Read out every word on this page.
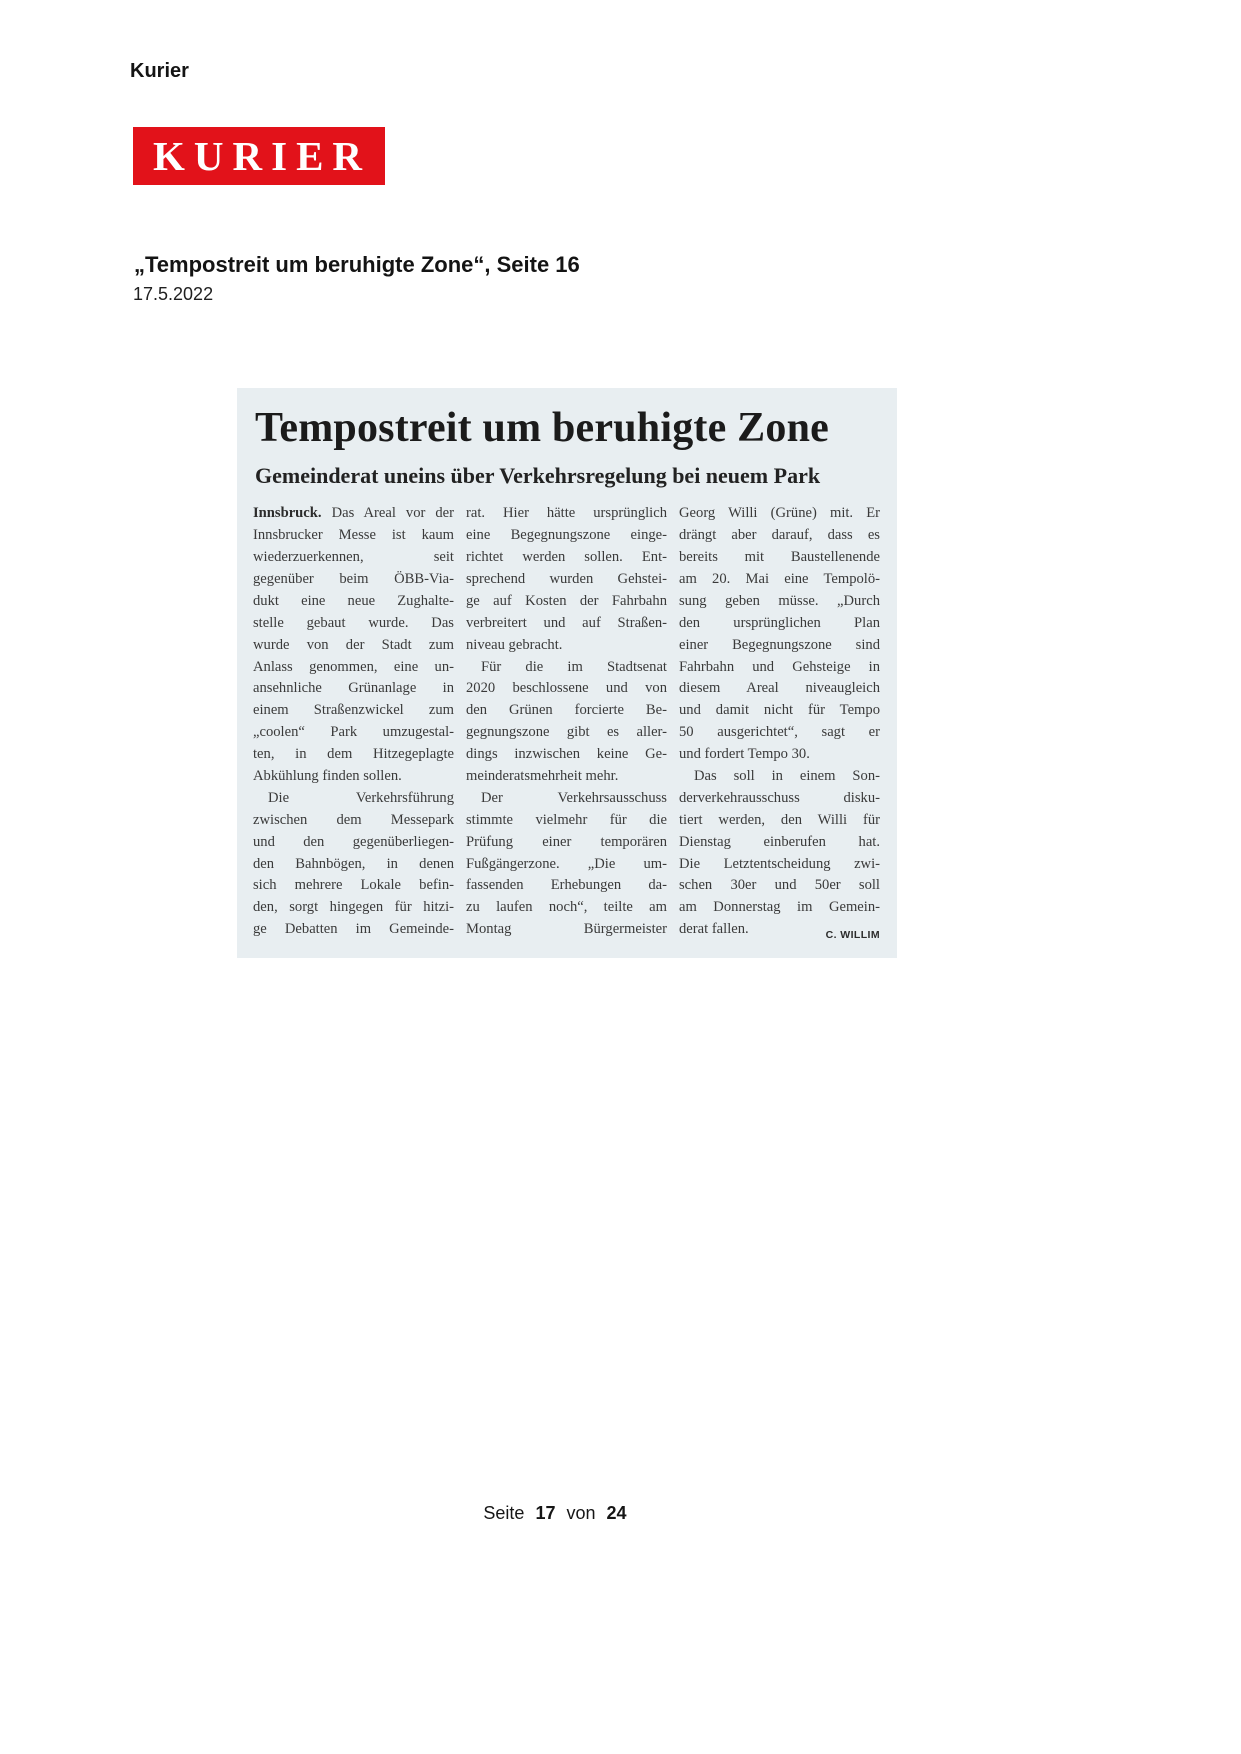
Kurier
KURIER
„Tempostreit um beruhigte Zone“, Seite 16
17.5.2022
Tempostreit um beruhigte Zone
Gemeinderat uneins über Verkehrsregelung bei neuem Park
Innsbruck. Das Areal vor der
Innsbrucker Messe ist kaum
wiederzuerkennen, seit
gegenüber beim ÖBB-Via-
dukt eine neue Zughalte-
stelle gebaut wurde. Das
wurde von der Stadt zum
Anlass genommen, eine un-
ansehnliche Grünanlage in
einem Straßenzwickel zum
„coolen“ Park umzugestal-
ten, in dem Hitzegeplagte
Abkühlung finden sollen.
Die Verkehrsführung
zwischen dem Messepark
und den gegenüberliegen-
den Bahnbögen, in denen
sich mehrere Lokale befin-
den, sorgt hingegen für hitzi-
ge Debatten im Gemeinde-
rat. Hier hätte ursprünglich
eine Begegnungszone einge-
richtet werden sollen. Ent-
sprechend wurden Gehstei-
ge auf Kosten der Fahrbahn
verbreitert und auf Straßen-
niveau gebracht.
Für die im Stadtsenat
2020 beschlossene und von
den Grünen forcierte Be-
gegnungszone gibt es aller-
dings inzwischen keine Ge-
meinderatsmehrheit mehr.
Der Verkehrsausschuss
stimmte vielmehr für die
Prüfung einer temporären
Fußgängerzone. „Die um-
fassenden Erhebungen da-
zu laufen noch“, teilte am
Montag Bürgermeister
Georg Willi (Grüne) mit. Er
drängt aber darauf, dass es
bereits mit Baustellenende
am 20. Mai eine Tempolö-
sung geben müsse. „Durch
den ursprünglichen Plan
einer Begegnungszone sind
Fahrbahn und Gehsteige in
diesem Areal niveaugleich
und damit nicht für Tempo
50 ausgerichtet“, sagt er
und fordert Tempo 30.
Das soll in einem Son-
derverkehrausschuss disku-
tiert werden, den Willi für
Dienstag einberufen hat.
Die Letztentscheidung zwi-
schen 30er und 50er soll
am Donnerstag im Gemein-
C. WILLIM
derat fallen.
Seite 17 von 24
